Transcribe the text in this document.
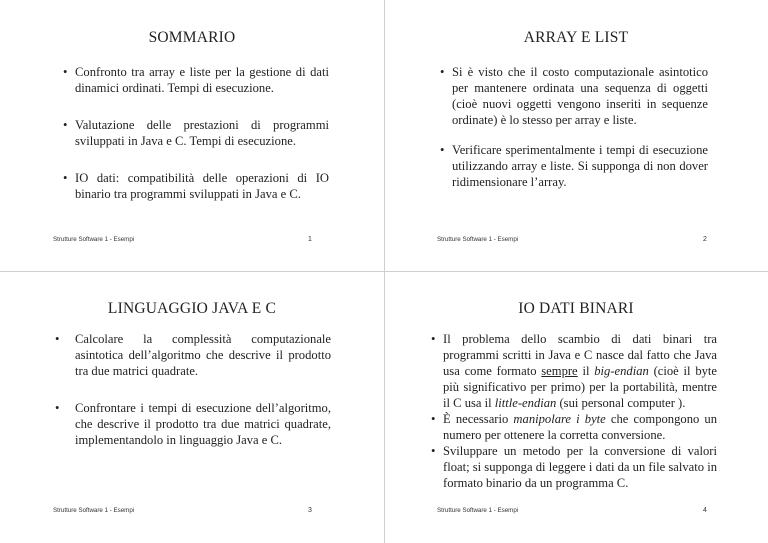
SOMMARIO
• Confronto tra array e liste per la gestione di dati dinamici ordinati. Tempi di esecuzione.
• Valutazione delle prestazioni di programmi sviluppati in Java e C. Tempi di esecuzione.
• IO dati: compatibilità delle operazioni di IO binario tra programmi sviluppati in Java e C.
Strutture Software 1 - Esempi	1
ARRAY E LIST
• Si è visto che il costo computazionale asintotico per mantenere ordinata una sequenza di oggetti (cioè nuovi oggetti vengono inseriti in sequenze ordinate) è lo stesso per array e liste.
• Verificare sperimentalmente i tempi di esecuzione utilizzando array e liste. Si supponga di non dover ridimensionare l’array.
Strutture Software 1 - Esempi	2
LINGUAGGIO JAVA E C
• Calcolare la complessità computazionale asintotica dell’algoritmo che descrive il prodotto tra due matrici quadrate.
• Confrontare i tempi di esecuzione dell’algoritmo, che descrive il prodotto tra due matrici quadrate, implementandolo in linguaggio Java e C.
Strutture Software 1 - Esempi	3
IO DATI BINARI
• Il problema dello scambio di dati binari tra programmi scritti in Java e C nasce dal fatto che Java usa come formato sempre il big-endian (cioè il byte più significativo per primo) per la portabilità, mentre il C usa il little-endian (sui personal computer ).
• È necessario manipolare i byte che compongono un numero per ottenere la corretta conversione.
• Sviluppare un metodo per la conversione di valori float; si supponga di leggere i dati da un file salvato in formato binario da un programma C.
Strutture Software 1 - Esempi	4
